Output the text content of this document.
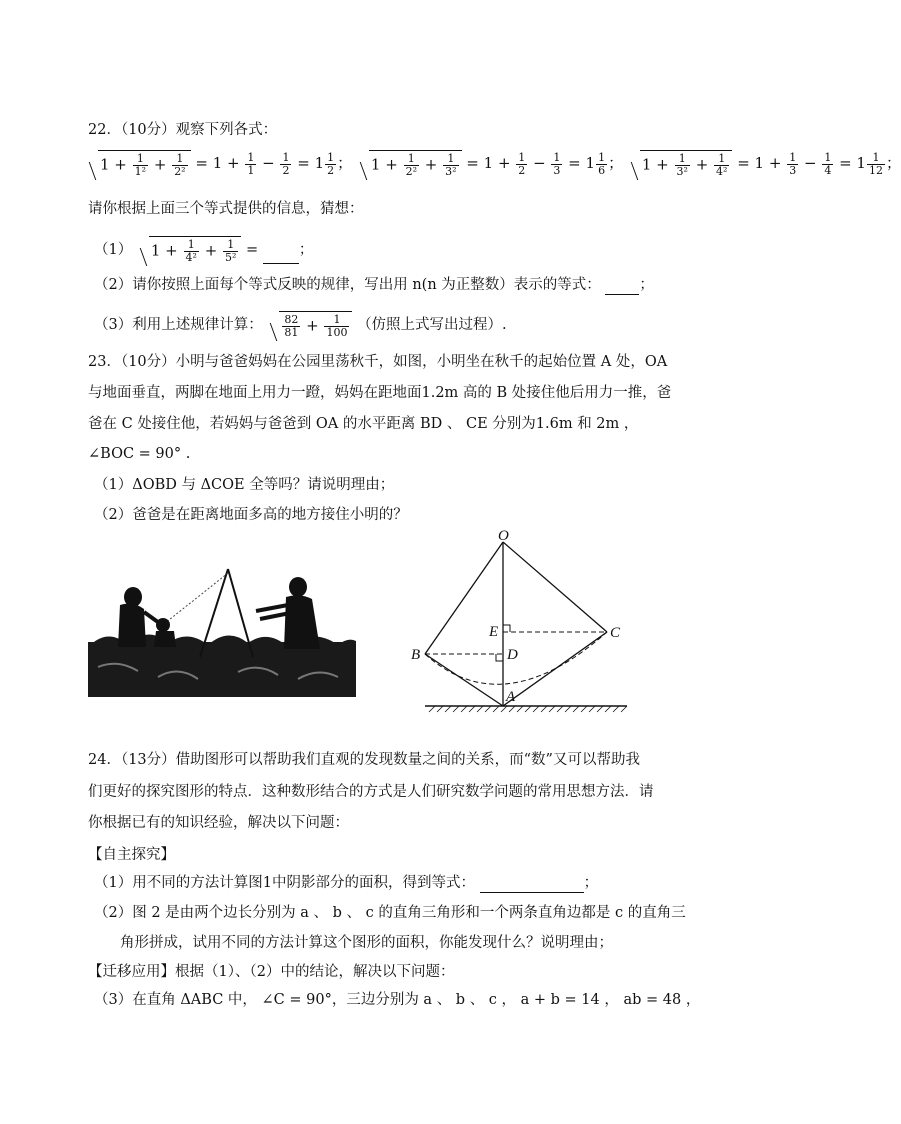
22．（10分）观察下列各式：
$1 + \frac{1}{\text{1²}} + \frac{1}{\text{2²}} = 1 + \frac{1}{1} - \frac{1}{2} = 1 \frac{1}{2}$ ； $1 + \frac{1}{\text{2²}} + \frac{1}{\text{3²}} = 1 + \frac{1}{2} - \frac{1}{3} = 1 \frac{1}{6}$ ； $1 + \frac{1}{\text{3²}} + \frac{1}{\text{4²}} = 1 + \frac{1}{3} - \frac{1}{4} = 1 \frac{1}{12}$ ；
请你根据上面三个等式提供的信息，猜想：
（1） $1 + \frac{1}{\text{4²}} + \frac{1}{\text{5²}}$ = ；
（2）请你按照上面每个等式反映的规律，写出用 n(n 为正整数）表示的等式：	；
（3）利用上述规律计算： $\frac{82}{81} + \frac{1}{100}$ （仿照上式写出过程）.
23．（10分）小明与爸爸妈妈在公园里荡秋千，如图，小明坐在秋千的起始位置 A 处，OA
与地面垂直，两脚在地面上用力一蹬，妈妈在距地面1.2m 高的 B 处接住他后用力一推，爸
爸在 C 处接住他，若妈妈与爸爸到 OA 的水平距离 BD 、 CE 分别为1.6m 和 2m ，
∠BOC = 90° .
（1）ΔOBD 与 ΔCOE 全等吗？请说明理由；
（2）爸爸是在距离地面多高的地方接住小明的？
O
E	C
B	D
A
24．（13分）借助图形可以帮助我们直观的发现数量之间的关系，而“数”又可以帮助我
们更好的探究图形的特点．这种数形结合的方式是人们研究数学问题的常用思想方法．请
你根据已有的知识经验，解决以下问题：
【自主探究】
（1）用不同的方法计算图1中阴影部分的面积，得到等式：	；
（2）图 2 是由两个边长分别为 a 、 b 、 c 的直角三角形和一个两条直角边都是 c 的直角三
角形拼成，试用不同的方法计算这个图形的面积，你能发现什么？说明理由；
【迁移应用】根据（1）、（2）中的结论，解决以下问题：
（3）在直角 ΔABC 中， ∠C = 90°，三边分别为 a 、 b 、 c ， a + b = 14 ， ab = 48 ，
